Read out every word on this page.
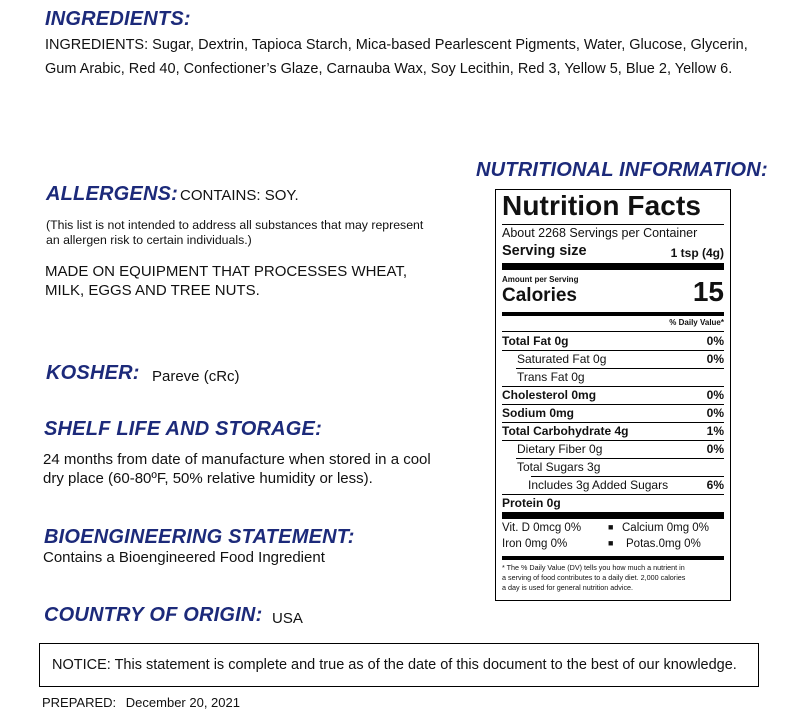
INGREDIENTS:
INGREDIENTS: Sugar, Dextrin, Tapioca Starch, Mica-based Pearlescent Pigments, Water, Glucose, Glycerin,
Gum Arabic, Red 40, Confectioner’s Glaze, Carnauba Wax, Soy Lecithin, Red 3, Yellow 5, Blue 2, Yellow 6.
ALLERGENS: CONTAINS: SOY.
(This list is not intended to address all substances that may represent
an allergen risk to certain individuals.)
MADE ON EQUIPMENT THAT PROCESSES WHEAT,
MILK, EGGS AND TREE NUTS.
KOSHER: Pareve (cRc)
SHELF LIFE AND STORAGE:
24 months from date of manufacture when stored in a cool
dry place (60-80ºF, 50% relative humidity or less).
BIOENGINEERING STATEMENT:
Contains a Bioengineered Food Ingredient
COUNTRY OF ORIGIN: USA
NUTRITIONAL INFORMATION:
Nutrition Facts
About 2268 Servings per Container
Serving size	1 tsp (4g)
Amount per Serving
Calories	15
% Daily Value*
Total Fat 0g	0%
Saturated Fat 0g	0%
Trans Fat 0g
Cholesterol 0mg	0%
Sodium 0mg	0%
Total Carbohydrate 4g	1%
Dietary Fiber 0g	0%
Total Sugars 3g
Includes 3g Added Sugars	6%
Protein 0g
Vit. D 0mcg 0%	■ Calcium 0mg 0%
Iron 0mg 0%	■ Potas.0mg 0%
* The % Daily Value (DV) tells you how much a nutrient in
a serving of food contributes to a daily diet. 2,000 calories
a day is used for general nutrition advice.
NOTICE: This statement is complete and true as of the date of this document to the best of our knowledge.
PREPARED: December 20, 2021
